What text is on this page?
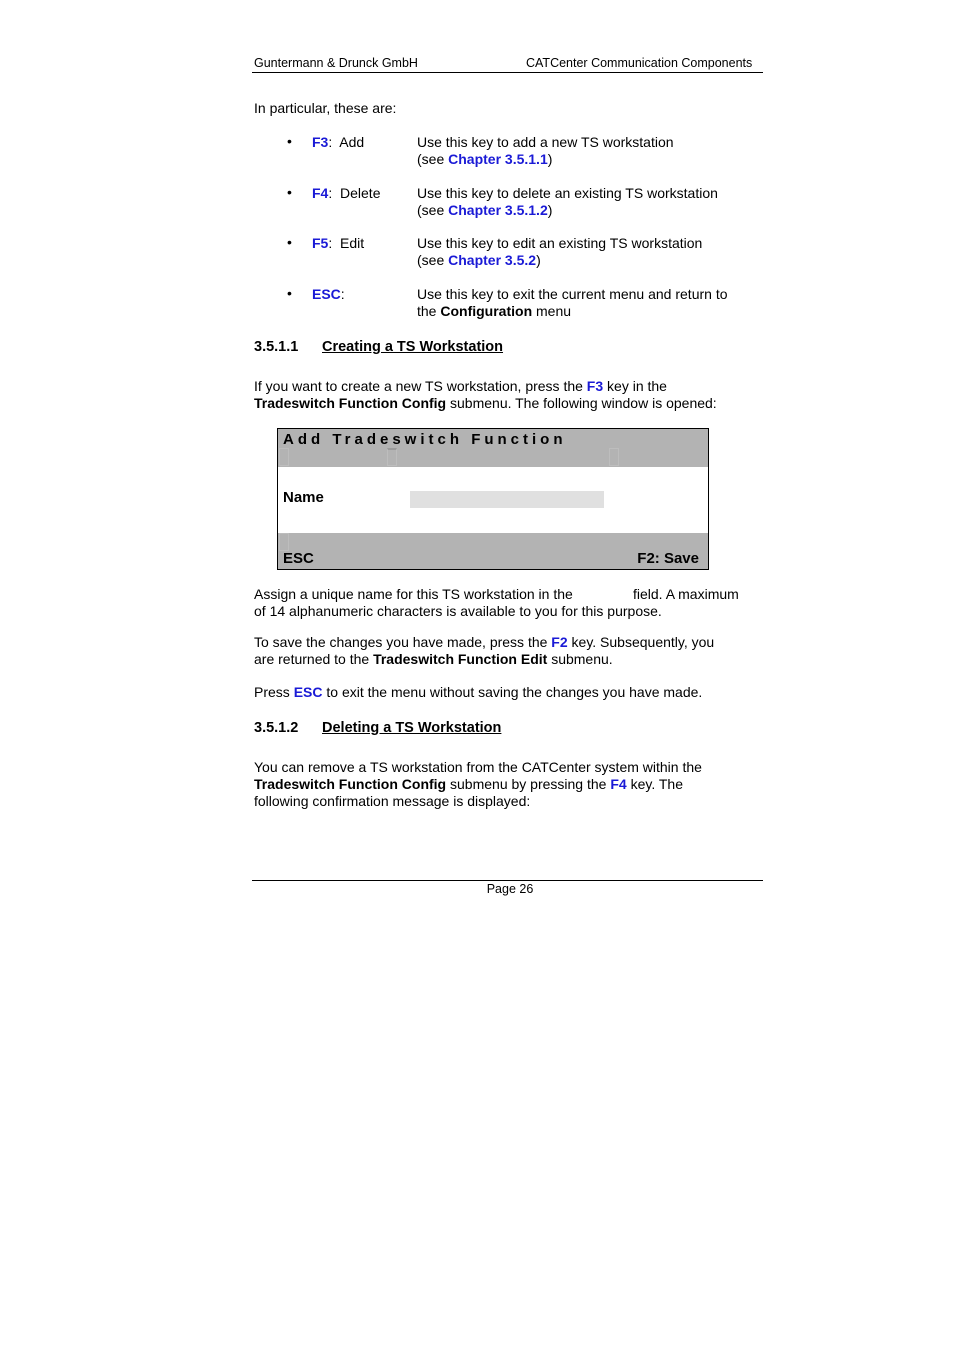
Guntermann & Drunck GmbH	CATCenter Communication Components
In particular, these are:
• F3:  Add	Use this key to add a new TS workstation
(see Chapter 3.5.1.1)
• F4:  Delete	Use this key to delete an existing TS workstation
(see Chapter 3.5.1.2)
• F5:  Edit	Use this key to edit an existing TS workstation
(see Chapter 3.5.2)
• ESC:	Use this key to exit the current menu and return to
the Configuration menu
3.5.1.1 Creating a TS Workstation
If you want to create a new TS workstation, press the F3 key in the
Tradeswitch Function Config submenu. The following window is opened:
Add Tradeswitch Function
Name
ESC	F2: Save
Assign a unique name for this TS workstation in the	field. A maximum
of 14 alphanumeric characters is available to you for this purpose.
To save the changes you have made, press the F2 key. Subsequently, you
are returned to the Tradeswitch Function Edit submenu.
Press ESC to exit the menu without saving the changes you have made.
3.5.1.2 Deleting a TS Workstation
You can remove a TS workstation from the CATCenter system within the
Tradeswitch Function Config submenu by pressing the F4 key. The
following confirmation message is displayed:
Page 26
